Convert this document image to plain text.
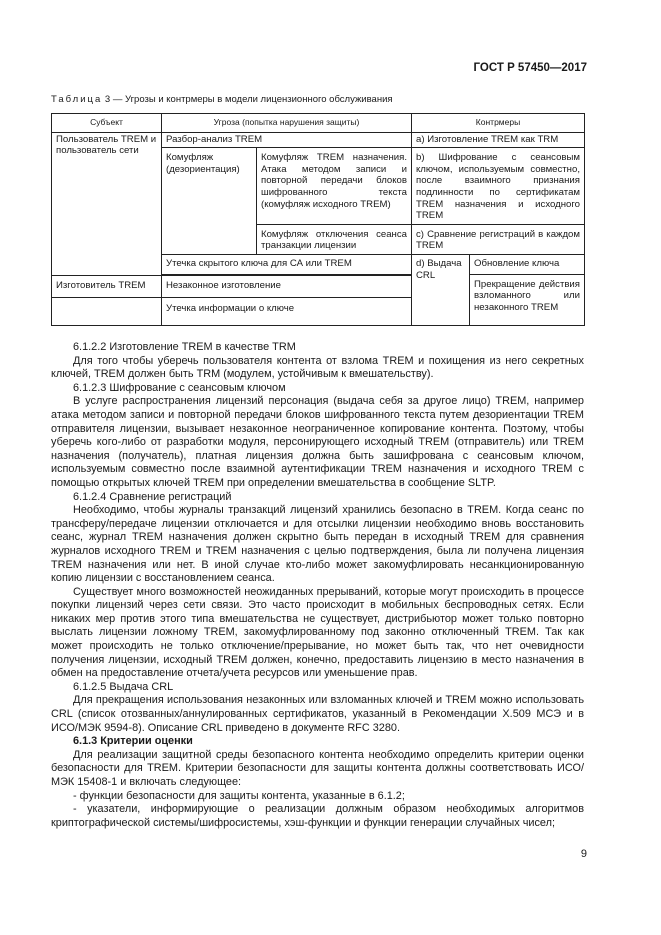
ГОСТ Р 57450—2017
Таблица 3 — Угрозы и контрмеры в модели лицензионного обслуживания
Субъект	Угроза (попытка нарушения защиты)		Контрмеры	
Пользователь TREM и пользователь сети	Разбор-анализ TREM		a) Изготовление TREM как TRM	
	Комуфляж (дезориентация)	Комуфляж TREM назначения. Атака методом записи и повторной передачи блоков шифрованного текста (комуфляж исходного TREM)	b) Шифрование с сеансовым ключом, используемым совместно, после взаимного признания подлинности по сертификатам TREM назначения и исходного TREM	
		Комуфляж отключения сеанса транзакции лицензии	c) Сравнение регистраций в каждом TREM	
	Утечка скрытого ключа для СА или TREM		d) Выдача CRL	Обновление ключа
				Прекращение действия взломанного или незаконного TREM
Изготовитель TREM	Незаконное изготовление			
	Утечка информации о ключе			

6.1.2.2 Изготовление TREM в качестве TRM

Для того чтобы уберечь пользователя контента от взлома TREM и похищения из него секретных ключей, TREM должен быть TRM (модулем, устойчивым к вмешательству).

6.1.2.3 Шифрование с сеансовым ключом

В услуге распространения лицензий персонация (выдача себя за другое лицо) TREM, например атака методом записи и повторной передачи блоков шифрованного текста путем дезориентации TREM отправителя лицензии, вызывает незаконное неограниченное копирование контента. Поэтому, чтобы уберечь кого-либо от разработки модуля, персонирующего исходный TREM (отправитель) или TREM назначения (получатель), платная лицензия должна быть зашифрована с сеансовым ключом, используемым совместно после взаимной аутентификации TREM назначения и исходного TREM с помощью открытых ключей TREM при определении вмешательства в сообщение SLTP.

6.1.2.4 Сравнение регистраций

Необходимо, чтобы журналы транзакций лицензий хранились безопасно в TREM. Когда сеанс по трансферу/передаче лицензии отключается и для отсылки лицензии необходимо вновь восстановить сеанс, журнал TREM назначения должен скрытно быть передан в исходный TREM для сравнения журналов исходного TREM и TREM назначения с целью подтверждения, была ли получена лицензия TREM назначения или нет. В иной случае кто-либо может закомуфлировать несанкционированную копию лицензии с восстановлением сеанса.

Существует много возможностей неожиданных прерываний, которые могут происходить в процессе покупки лицензий через сети связи. Это часто происходит в мобильных беспроводных сетях. Если никаких мер против этого типа вмешательства не существует, дистрибьютор может только повторно выслать лицензии ложному TREM, закомуфлированному под законно отключенный TREM. Так как может происходить не только отключение/прерывание, но может быть так, что нет очевидности получения лицензии, исходный TREM должен, конечно, предоставить лицензию в место назначения в обмен на предоставление отчета/учета ресурсов или уменьшение прав.

6.1.2.5 Выдача CRL

Для прекращения использования незаконных или взломанных ключей и TREM можно использовать CRL (список отозванных/аннулированных сертификатов, указанный в Рекомендации X.509 МСЭ и в ИСО/МЭК 9594-8). Описание CRL приведено в документе RFC 3280.

6.1.3 Критерии оценки

Для реализации защитной среды безопасного контента необходимо определить критерии оценки безопасности для TREM. Критерии безопасности для защиты контента должны соответствовать ИСО/МЭК 15408-1 и включать следующее:

- функции безопасности для защиты контента, указанные в 6.1.2;

- указатели, информирующие о реализации должным образом необходимых алгоритмов криптографической системы/шифросистемы, хэш-функции и функции генерации случайных чисел;

9
